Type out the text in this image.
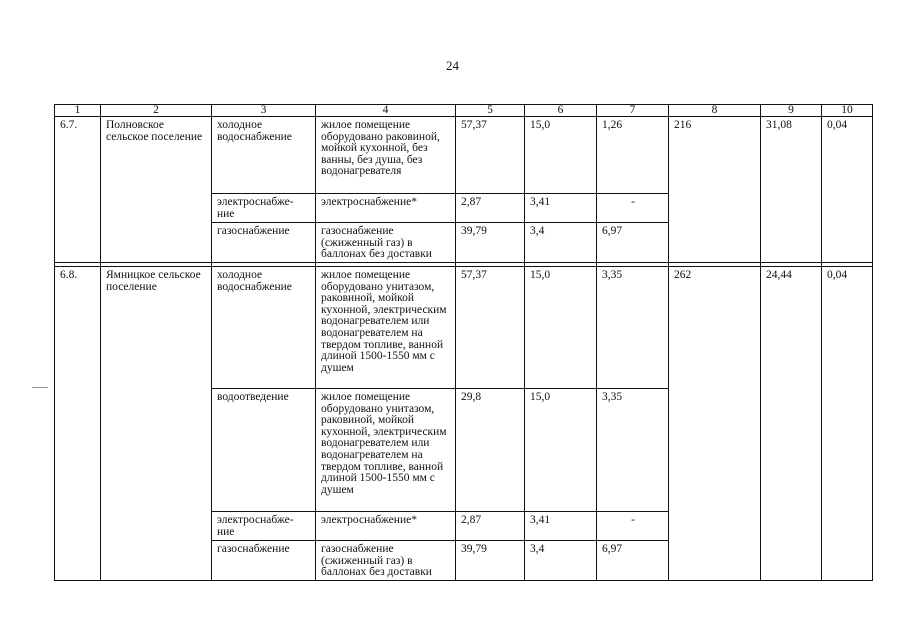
24
1	2	3	4	5	6	7	8	9	10
6.7.	Полновское сельское поселение	холодное водоснабжение	жилое помещение оборудовано раковиной, мойкой кухонной, без ванны, без душа, без водонагревателя	57,37	15,0	1,26	216	31,08	0,04
		электроснабже-ние	электроснабжение*	2,87	3,41	-			
		газоснабжение	газоснабжение (сжиженный газ) в баллонах без доставки	39,79	3,4	6,97			

6.8.	Ямницкое сельское поселение	холодное водоснабжение	жилое помещение оборудовано унитазом, раковиной, мойкой кухонной, электрическим водонагревателем или водонагревателем на твердом топливе, ванной длиной 1500-1550 мм с душем	57,37	15,0	3,35	262	24,44	0,04
		водоотведение	жилое помещение оборудовано унитазом, раковиной, мойкой кухонной, электрическим водонагревателем или водонагревателем на твердом топливе, ванной длиной 1500-1550 мм с душем	29,8	15,0	3,35			
		электроснабже-ние	электроснабжение*	2,87	3,41	-			
		газоснабжение	газоснабжение (сжиженный газ) в баллонах без доставки	39,79	3,4	6,97			
